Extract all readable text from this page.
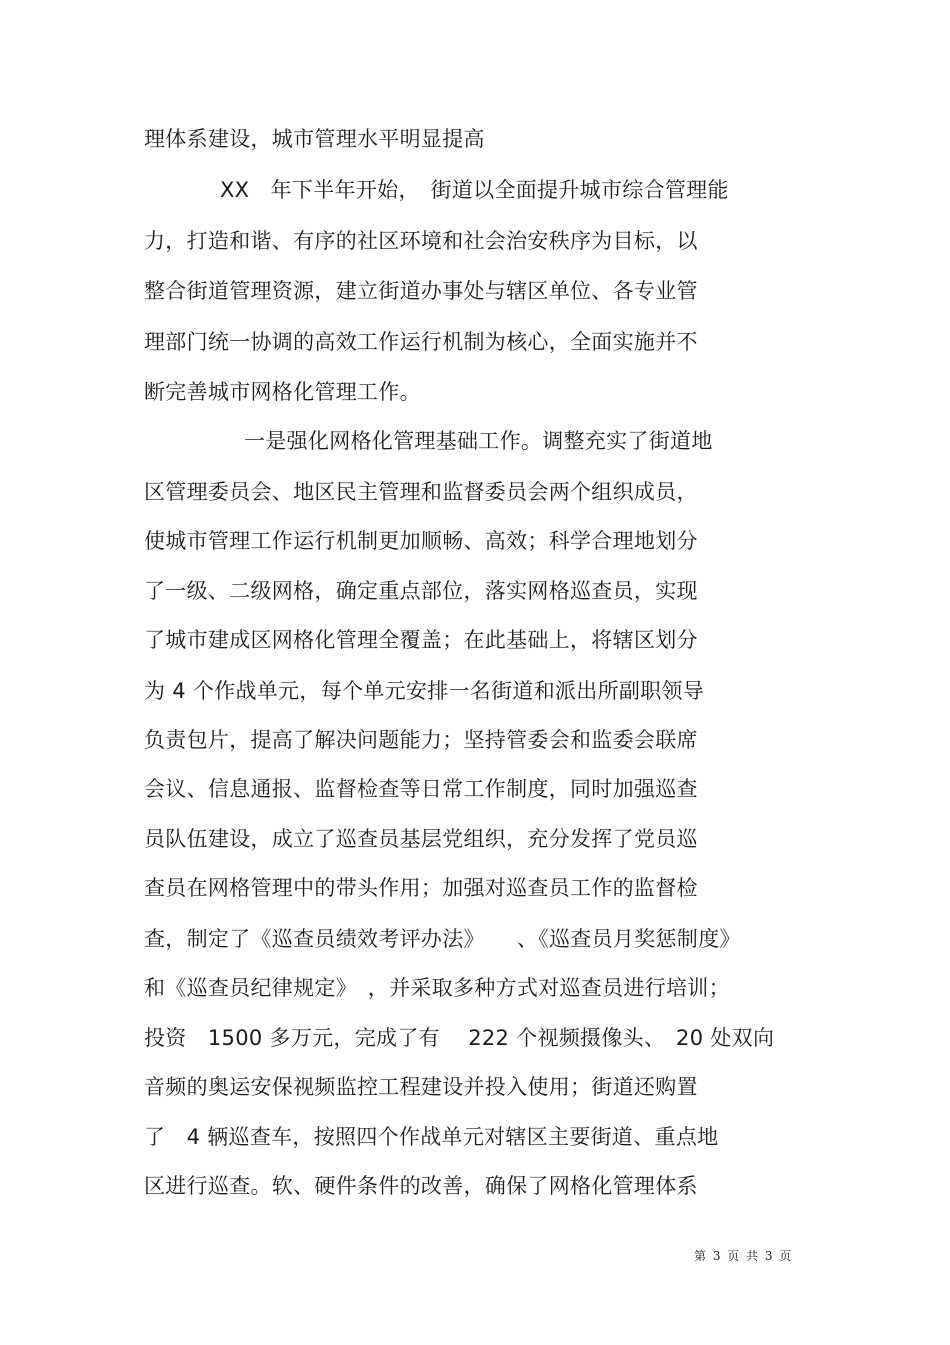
理体系建设，城市管理水平明显提高
XX　年下半年开始，　街道以全面提升城市综合管理能
力，打造和谐、有序的社区环境和社会治安秩序为目标，以
整合街道管理资源，建立街道办事处与辖区单位、各专业管
理部门统一协调的高效工作运行机制为核心，全面实施并不
断完善城市网格化管理工作。
一是强化网格化管理基础工作。调整充实了街道地
区管理委员会、地区民主管理和监督委员会两个组织成员，
使城市管理工作运行机制更加顺畅、高效；科学合理地划分
了一级、二级网格，确定重点部位，落实网格巡查员，实现
了城市建成区网格化管理全覆盖；在此基础上，将辖区划分
为 4 个作战单元，每个单元安排一名街道和派出所副职领导
负责包片，提高了解决问题能力；坚持管委会和监委会联席
会议、信息通报、监督检查等日常工作制度，同时加强巡查
员队伍建设，成立了巡查员基层党组织，充分发挥了党员巡
查员在网格管理中的带头作用；加强对巡查员工作的监督检
查，制定了《巡查员绩效考评办法》　　、《巡查员月奖惩制度》
和《巡查员纪律规定》　，并采取多种方式对巡查员进行培训；
投资　1500 多万元，完成了有　 222 个视频摄像头、　20 处双向
音频的奥运安保视频监控工程建设并投入使用；街道还购置
了　4 辆巡查车，按照四个作战单元对辖区主要街道、重点地
区进行巡查。软、硬件条件的改善，确保了网格化管理体系
第 3 页 共 3 页
